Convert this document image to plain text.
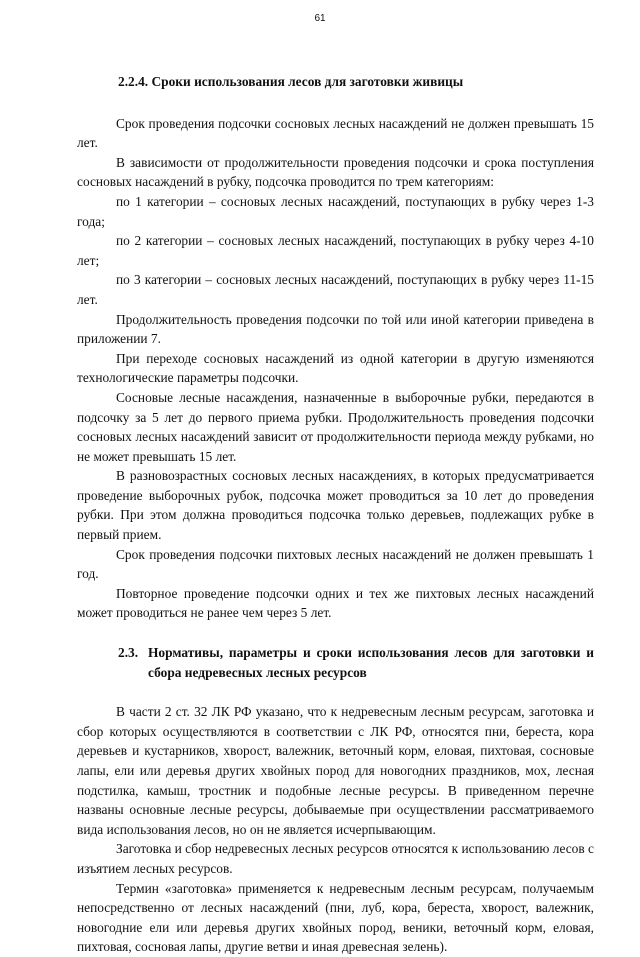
61

2.2.4. Сроки использования лесов для заготовки живицы

Срок проведения подсочки сосновых лесных насаждений не должен превышать 15 лет.

В зависимости от продолжительности проведения подсочки и срока поступления сосновых насаждений в рубку, подсочка проводится по трем категориям:

по 1 категории – сосновых лесных насаждений, поступающих в рубку через 1-3 года;

по 2 категории – сосновых лесных насаждений, поступающих в рубку через 4-10 лет;

по 3 категории – сосновых лесных насаждений, поступающих в рубку через 11-15 лет.

Продолжительность проведения подсочки по той или иной категории приведена в приложении 7.

При переходе сосновых насаждений из одной категории в другую изменяются технологические параметры подсочки.

Сосновые лесные насаждения, назначенные в выборочные рубки, передаются в подсочку за 5 лет до первого приема рубки. Продолжительность проведения подсочки сосновых лесных насаждений зависит от продолжительности периода между рубками, но не может превышать 15 лет.

В разновозрастных сосновых лесных насаждениях, в которых предусматривается проведение выборочных рубок, подсочка может проводиться за 10 лет до проведения рубки. При этом должна проводиться подсочка только деревьев, подлежащих рубке в первый прием.

Срок проведения подсочки пихтовых лесных насаждений не должен превышать 1 год.

Повторное проведение подсочки одних и тех же пихтовых лесных насаждений может проводиться не ранее чем через 5 лет.

2.3. Нормативы, параметры и сроки использования лесов для заготовки и сбора недревесных лесных ресурсов

В части 2 ст. 32 ЛК РФ указано, что к недревесным лесным ресурсам, заготовка и сбор которых осуществляются в соответствии с ЛК РФ, относятся пни, береста, кора деревьев и кустарников, хворост, валежник, веточный корм, еловая, пихтовая, сосновые лапы, ели или деревья других хвойных пород для новогодних праздников, мох, лесная подстилка, камыш, тростник и подобные лесные ресурсы. В приведенном перечне названы основные лесные ресурсы, добываемые при осуществлении рассматриваемого вида использования лесов, но он не является исчерпывающим.

Заготовка и сбор недревесных лесных ресурсов относятся к использованию лесов с изъятием лесных ресурсов.

Термин «заготовка» применяется к недревесным лесным ресурсам, получаемым непосредственно от лесных насаждений (пни, луб, кора, береста, хворост, валежник, новогодние ели или деревья других хвойных пород, веники, веточный корм, еловая, пихтовая, сосновая лапы, другие ветви и иная древесная зелень).
